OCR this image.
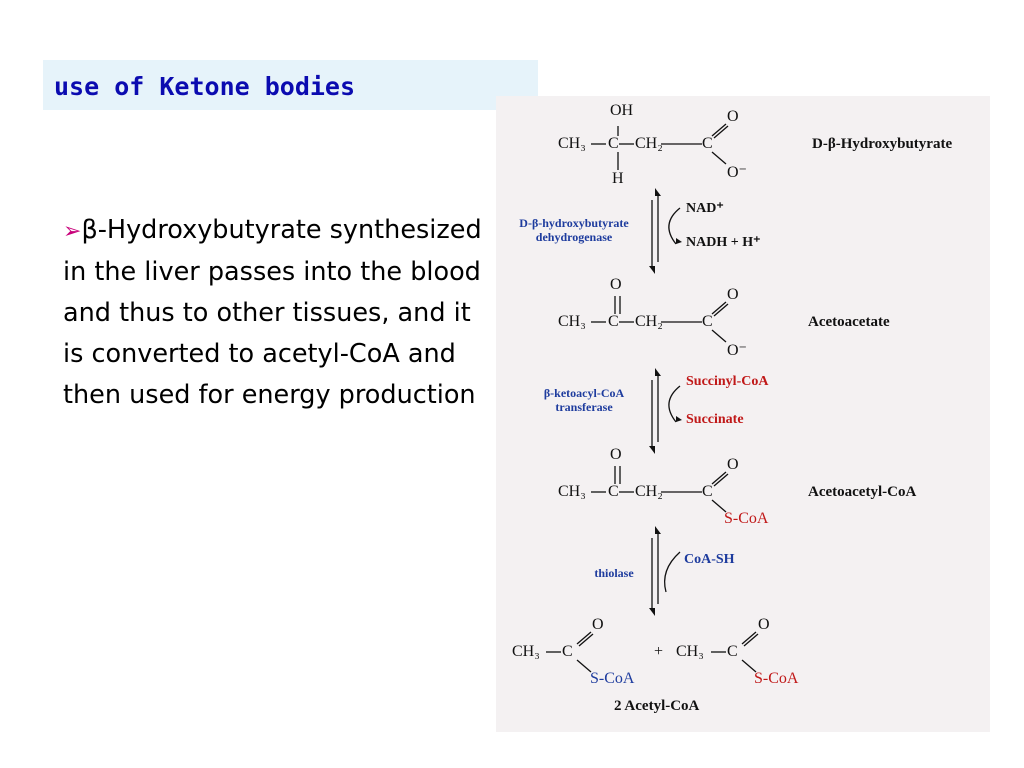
use of Ketone bodies
➢β-Hydroxybutyrate synthesized in the liver passes into the blood and thus to other tissues, and it is converted to acetyl-CoA and then used for energy production
OH
CH₃ C CH₂ C
O
O⁻
H
D-β-Hydroxybutyrate
D-β-hydroxybutyrate
dehydrogenase
NAD⁺
NADH + H⁺
O
CH₃ C CH₂ C
O
O⁻
Acetoacetate
β-ketoacyl-CoA
transferase
Succinyl-CoA
Succinate
O
CH₃ C CH₂ C
O
S-CoA
Acetoacetyl-CoA
thiolase
CoA-SH
CH₃ C
O
S-CoA
+ CH₃ C
O
S-CoA
2 Acetyl-CoA
